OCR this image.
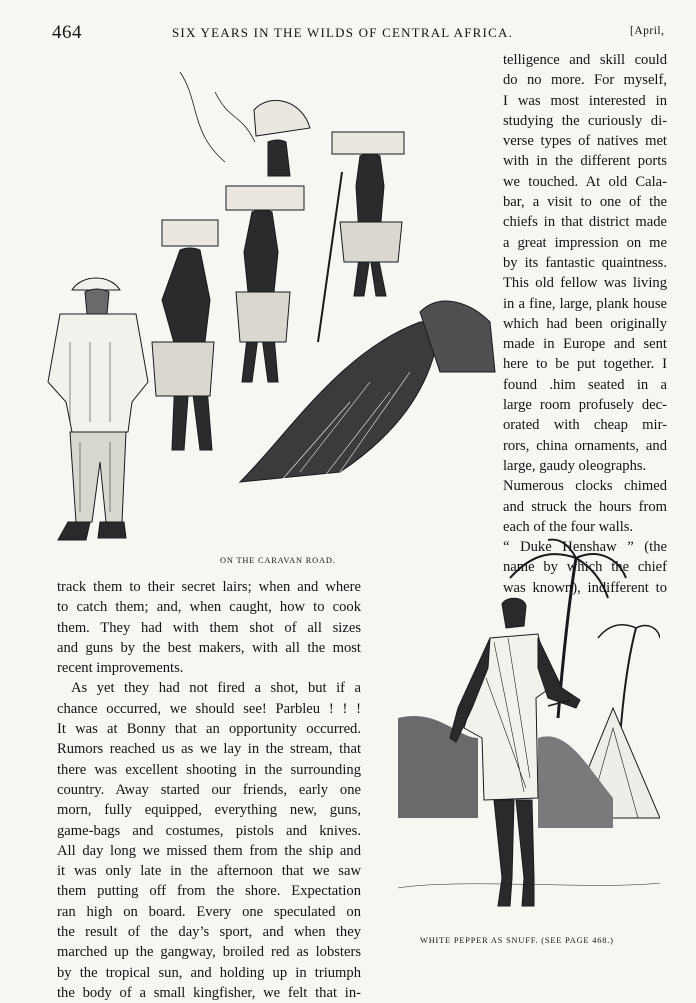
464	SIX YEARS IN THE WILDS OF CENTRAL AFRICA.	[April,
ON THE CARAVAN ROAD.
WHITE PEPPER AS SNUFF. (SEE PAGE 468.)
telligence and skill could
do no more. For myself,
I was most interested in
studying the curiously di-
verse types of natives met
with in the different ports
we touched. At old Cala-
bar, a visit to one of the
chiefs in that district made
a great impression on me
by its fantastic quaintness.
This old fellow was living
in a fine, large, plank house
which had been originally
made in Europe and sent
here to be put together. I
found .him seated in a
large room profusely dec-
orated with cheap mir-
rors, china ornaments, and
large, gaudy oleographs.
Numerous clocks chimed
and struck the hours from
each of the four walls.
“ Duke Henshaw ” (the
name by which the chief
was known), indifferent to
track them to their secret lairs; when and where
to catch them; and, when caught, how to cook
them. They had with them shot of all sizes
and guns by the best makers, with all the most
recent improvements.
As yet they had not fired a shot, but if a
chance occurred, we should see! Parbleu ! ! !
It was at Bonny that an opportunity occurred.
Rumors reached us as we lay in the stream, that
there was excellent shooting in the surrounding
country. Away started our friends, early one
morn, fully equipped, everything new, guns,
game-bags and costumes, pistols and knives.
All day long we missed them from the ship and
it was only late in the afternoon that we saw
them putting off from the shore. Expectation
ran high on board. Every one speculated on
the result of the day’s sport, and when they
marched up the gangway, broiled red as lobsters
by the tropical sun, and holding up in triumph
the body of a small kingfisher, we felt that in-
